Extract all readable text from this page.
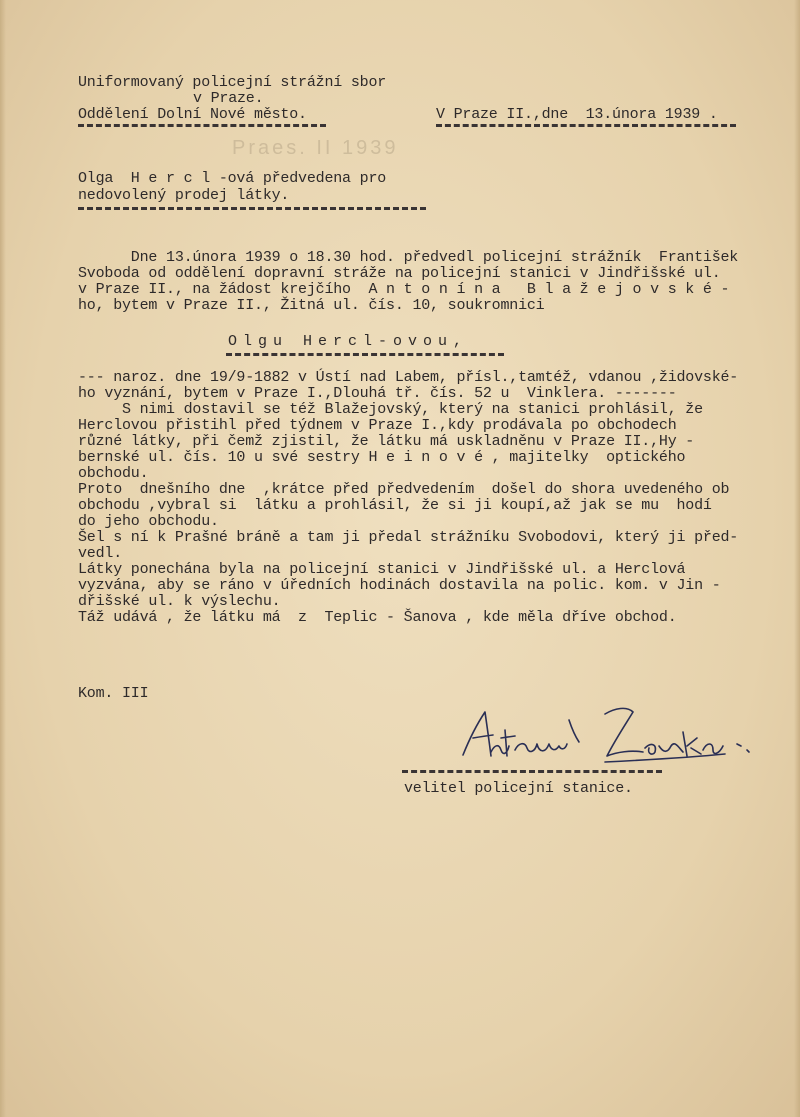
Uniformovaný policejní strážní sbor
v Praze.
Oddělení Dolní Nové město.	V Praze II.,dne  13.února 1939 .
Praes. II 1939
Olga  H e r c l -ová předvedena pro
nedovolený prodej látky.
Dne 13.února 1939 o 18.30 hod. předvedl policejní strážník  František
Svoboda od oddělení dopravní stráže na policejní stanici v Jindřišské ul.
v Praze II., na žádost krejčího  A n t o n í n a   B l a ž e j o v s k é -
ho, bytem v Praze II., Žitná ul. čís. 10, soukromnici
Olgu Hercl-ovou,
--- naroz. dne 19/9-1882 v Ústí nad Labem, přísl.,tamtéž, vdanou ,židovské-
ho vyznání, bytem v Praze I.,Dlouhá tř. čís. 52 u  Vinklera. -------
S nimi dostavil se též Blažejovský, který na stanici prohlásil, že
Herclovou přistihl před týdnem v Praze I.,kdy prodávala po obchodech
různé látky, při čemž zjistil, že látku má uskladněnu v Praze II.,Hy -
bernské ul. čís. 10 u své sestry H e i n o v é , majitelky  optického
obchodu.
Proto  dnešního dne  ,krátce před předvedením  došel do shora uvedeného ob
obchodu ,vybral si  látku a prohlásil, že si ji koupí,až jak se mu  hodí
do jeho obchodu.
Šel s ní k Prašné bráně a tam ji předal strážníku Svobodovi, který ji před-
vedl.
Látky ponechána byla na policejní stanici v Jindřišské ul. a Herclová
vyzvána, aby se ráno v úředních hodinách dostavila na polic. kom. v Jin -
dřišské ul. k výslechu.
Táž udává , že látku má  z  Teplic - Šanova , kde měla dříve obchod.
Kom. III
velitel policejní stanice.
